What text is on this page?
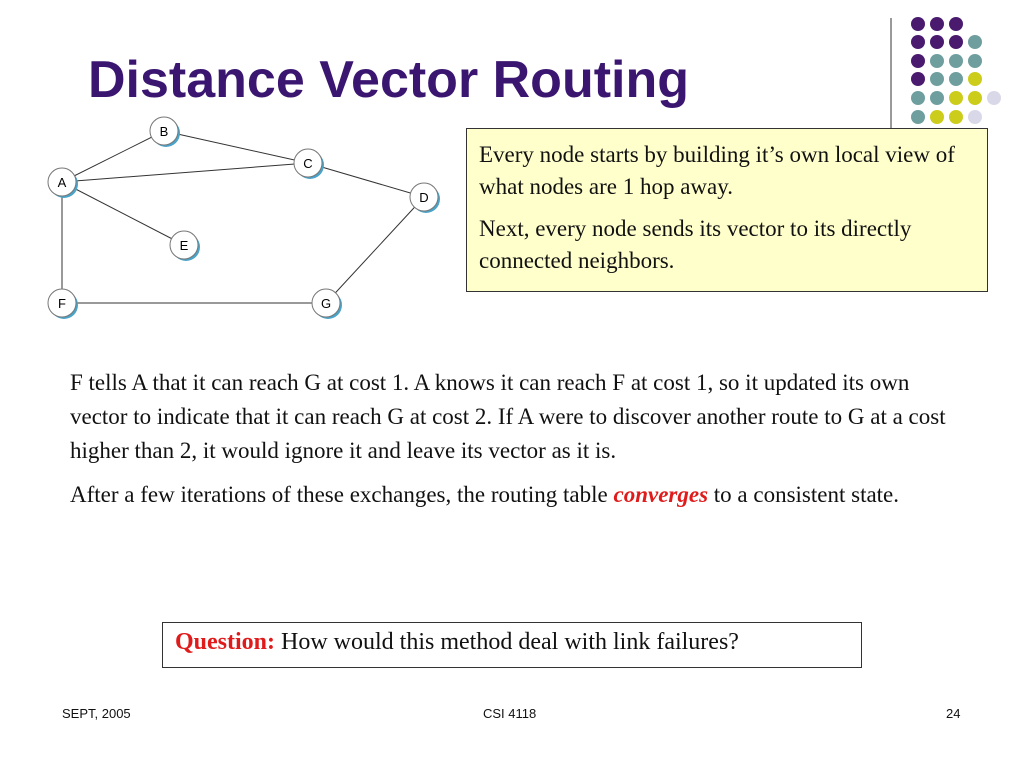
Distance Vector Routing
B
C
A
D
E
F	G

Every node starts by building it’s own local view of what nodes are 1 hop away.

Next, every node sends its vector to its directly connected neighbors.

F tells A that it can reach G at cost 1. A knows it can reach F at cost 1, so it updated its own vector to indicate that it can reach G at cost 2. If A were to discover another route to G at a cost higher than 2, it would ignore it and leave its vector as it is.

After a few iterations of these exchanges, the routing table converges to a consistent state.

Question: How would this method deal with link failures?
SEPT, 2005	CSI 4118	24
